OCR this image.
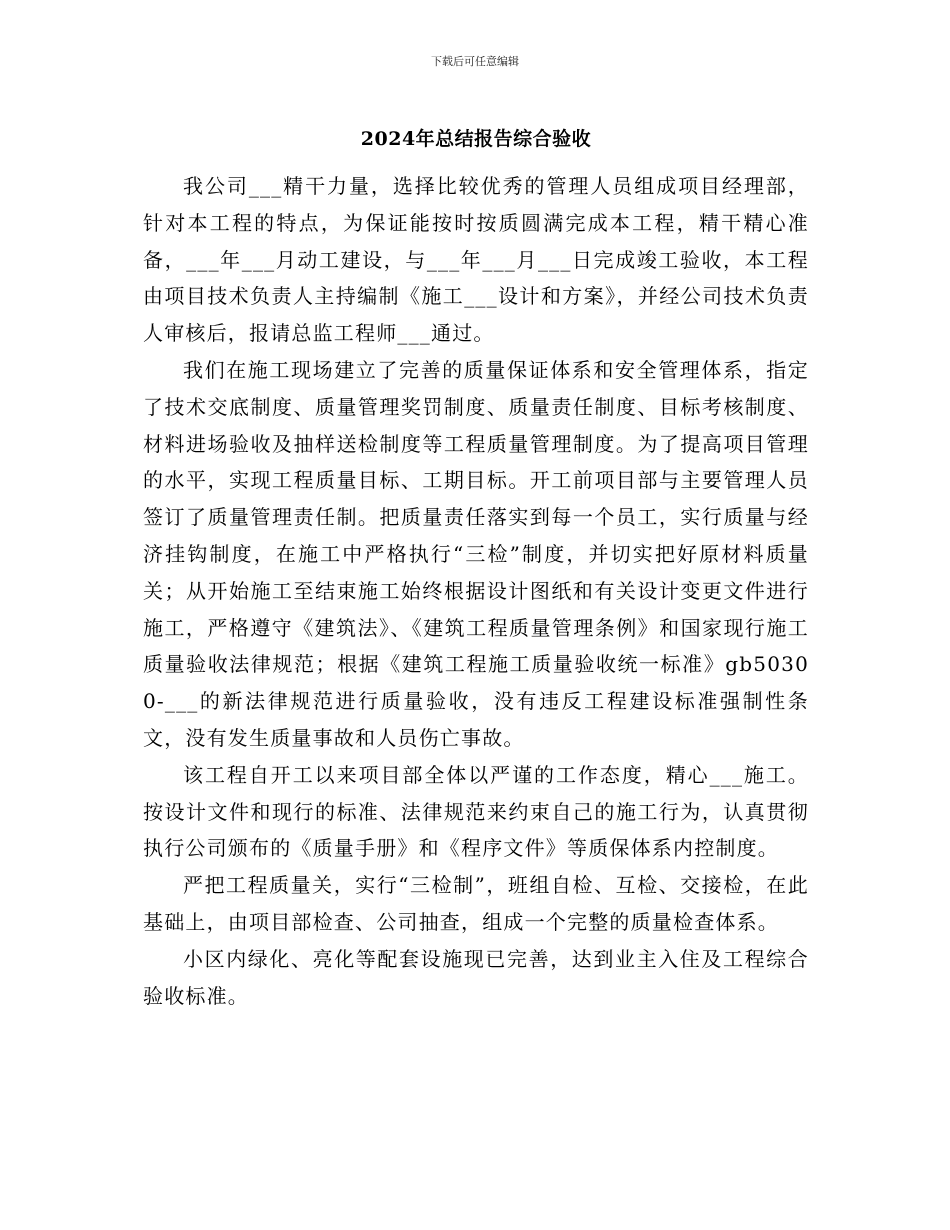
下载后可任意编辑
2024年总结报告综合验收

我公司___精干力量，选择比较优秀的管理人员组成项目经理部，针对本工程的特点，为保证能按时按质圆满完成本工程，精干精心准备，___年___月动工建设，与___年___月___日完成竣工验收，本工程由项目技术负责人主持编制《施工___设计和方案》，并经公司技术负责人审核后，报请总监工程师___通过。

我们在施工现场建立了完善的质量保证体系和安全管理体系，指定了技术交底制度、质量管理奖罚制度、质量责任制度、目标考核制度、材料进场验收及抽样送检制度等工程质量管理制度。为了提高项目管理的水平，实现工程质量目标、工期目标。开工前项目部与主要管理人员签订了质量管理责任制。把质量责任落实到每一个员工，实行质量与经济挂钩制度，在施工中严格执行“三检”制度，并切实把好原材料质量关；从开始施工至结束施工始终根据设计图纸和有关设计变更文件进行施工，严格遵守《建筑法》、《建筑工程质量管理条例》和国家现行施工质量验收法律规范；根据《建筑工程施工质量验收统一标准》gb50300-___的新法律规范进行质量验收，没有违反工程建设标准强制性条文，没有发生质量事故和人员伤亡事故。

该工程自开工以来项目部全体以严谨的工作态度，精心___施工。按设计文件和现行的标准、法律规范来约束自己的施工行为，认真贯彻执行公司颁布的《质量手册》和《程序文件》等质保体系内控制度。

严把工程质量关，实行“三检制”，班组自检、互检、交接检，在此基础上，由项目部检查、公司抽查，组成一个完整的质量检查体系。

小区内绿化、亮化等配套设施现已完善，达到业主入住及工程综合验收标准。
